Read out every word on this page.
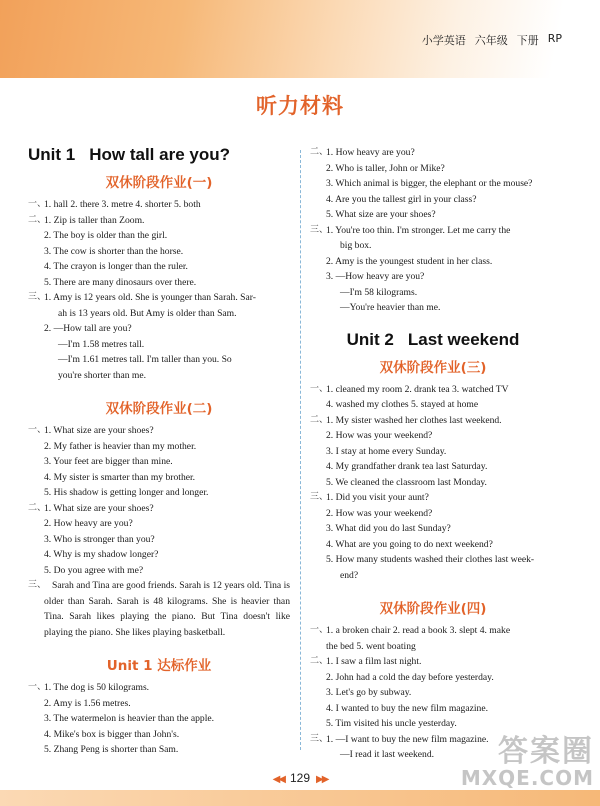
小学英语 六年级 下册 RP
听力材料
Unit 1 How tall are you?
双休阶段作业(一)
一、
1. hall 2. there 3. metre 4. shorter 5. both
二、
1. Zip is taller than Zoom.
2. The boy is older than the girl.
3. The cow is shorter than the horse.
4. The crayon is longer than the ruler.
5. There are many dinosaurs over there.
三、
1. Amy is 12 years old. She is younger than Sarah. Sar-
ah is 13 years old. But Amy is older than Sam.
2. —How tall are you?
—I'm 1.58 metres tall.
—I'm 1.61 metres tall. I'm taller than you. So
you're shorter than me.
双休阶段作业(二)
一、
1. What size are your shoes?
2. My father is heavier than my mother.
3. Your feet are bigger than mine.
4. My sister is smarter than my brother.
5. His shadow is getting longer and longer.
二、
1. What size are your shoes?
2. How heavy are you?
3. Who is stronger than you?
4. Why is my shadow longer?
5. Do you agree with me?
三、 Sarah and Tina are good friends. Sarah is 12 years old. Tina is older than Sarah. Sarah is 48 kilograms. She is heavier than Tina. Sarah likes playing the piano. But Tina doesn't like playing the piano. She likes playing basketball.
Unit 1 达标作业
一、
1. The dog is 50 kilograms.
2. Amy is 1.56 metres.
3. The watermelon is heavier than the apple.
4. Mike's box is bigger than John's.
5. Zhang Peng is shorter than Sam.
二、
1. How heavy are you?
2. Who is taller, John or Mike?
3. Which animal is bigger, the elephant or the mouse?
4. Are you the tallest girl in your class?
5. What size are your shoes?
三、
1. You're too thin. I'm stronger. Let me carry the
big box.
2. Amy is the youngest student in her class.
3. —How heavy are you?
—I'm 58 kilograms.
—You're heavier than me.
Unit 2 Last weekend
双休阶段作业(三)
一、
1. cleaned my room 2. drank tea 3. watched TV
4. washed my clothes 5. stayed at home
二、
1. My sister washed her clothes last weekend.
2. How was your weekend?
3. I stay at home every Sunday.
4. My grandfather drank tea last Saturday.
5. We cleaned the classroom last Monday.
三、
1. Did you visit your aunt?
2. How was your weekend?
3. What did you do last Sunday?
4. What are you going to do next weekend?
5. How many students washed their clothes last week-
end?
双休阶段作业(四)
一、
1. a broken chair 2. read a book 3. slept 4. make
the bed 5. went boating
二、
1. I saw a film last night.
2. John had a cold the day before yesterday.
3. Let's go by subway.
4. I wanted to buy the new film magazine.
5. Tim visited his uncle yesterday.
三、
1. —I want to buy the new film magazine.
—I read it last weekend.	答案圈
MXQE.COM
◀◀ 129 ▶▶
